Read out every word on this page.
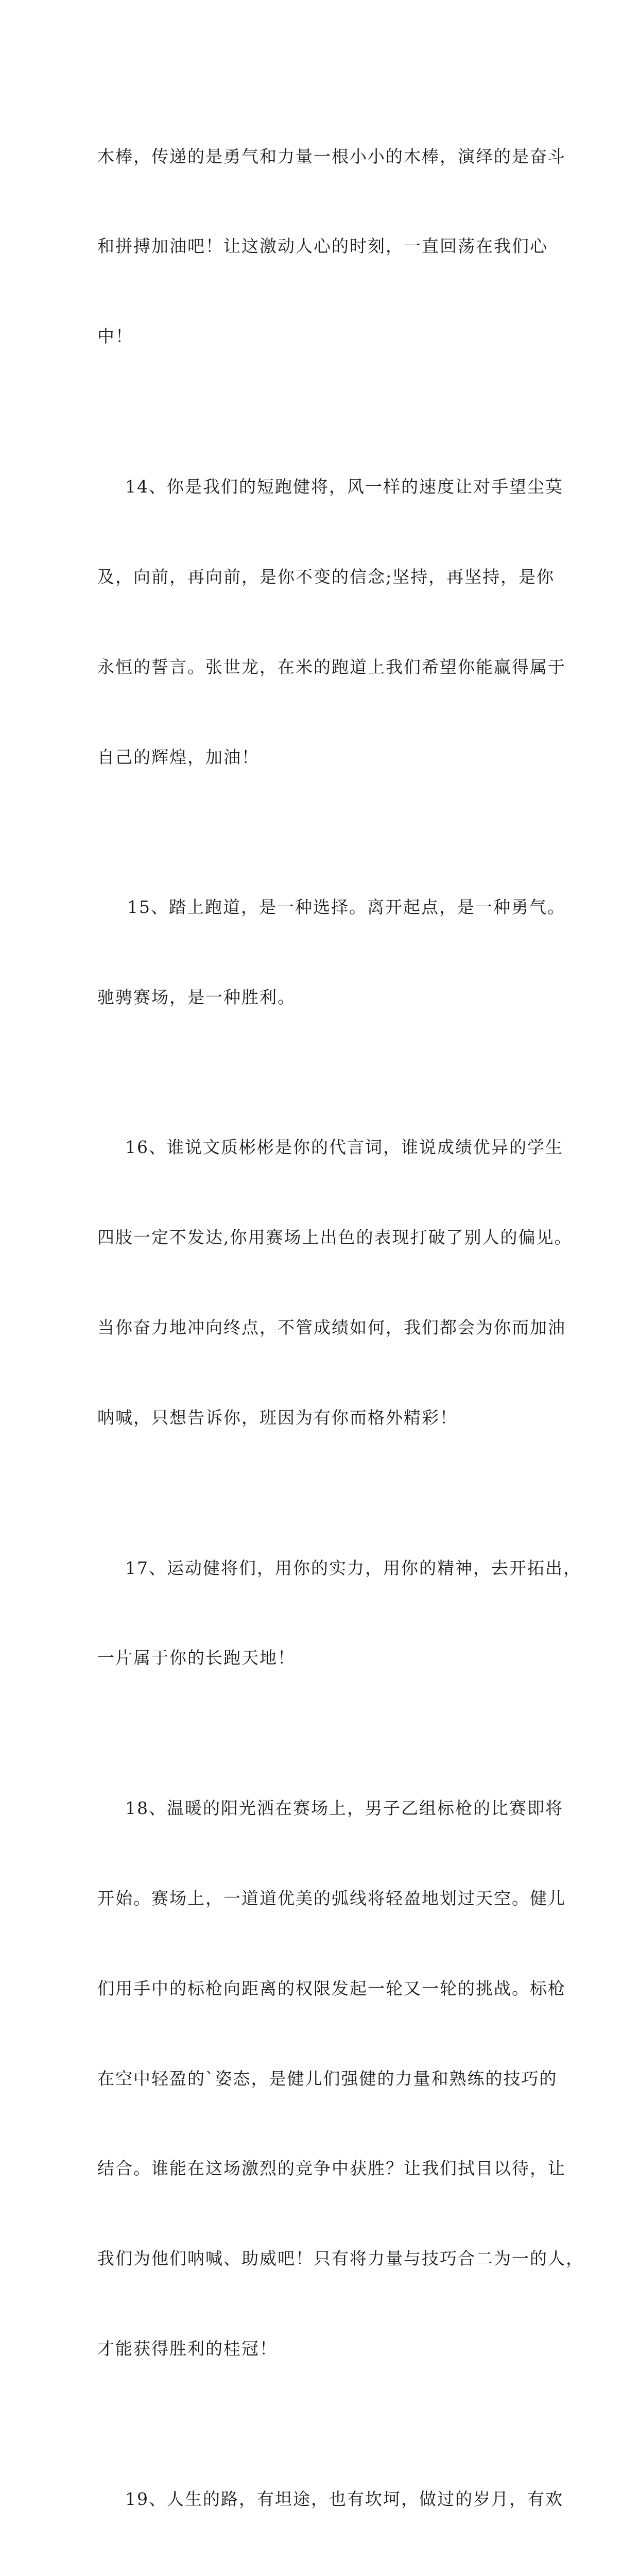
木棒，传递的是勇气和力量一根小小的木棒，演绎的是奋斗

和拼搏加油吧！让这激动人心的时刻，一直回荡在我们心

中！

14、你是我们的短跑健将，风一样的速度让对手望尘莫

及，向前，再向前，是你不变的信念;坚持，再坚持，是你

永恒的誓言。张世龙，在米的跑道上我们希望你能赢得属于

自己的辉煌，加油！

15、踏上跑道，是一种选择。离开起点，是一种勇气。

驰骋赛场，是一种胜利。

16、谁说文质彬彬是你的代言词，谁说成绩优异的学生

四肢一定不发达,你用赛场上出色的表现打破了别人的偏见。

当你奋力地冲向终点，不管成绩如何，我们都会为你而加油

呐喊，只想告诉你，班因为有你而格外精彩！

17、运动健将们，用你的实力，用你的精神，去开拓出，

一片属于你的长跑天地！

18、温暖的阳光洒在赛场上，男子乙组标枪的比赛即将

开始。赛场上，一道道优美的弧线将轻盈地划过天空。健儿

们用手中的标枪向距离的权限发起一轮又一轮的挑战。标枪

在空中轻盈的`姿态，是健儿们强健的力量和熟练的技巧的

结合。谁能在这场激烈的竞争中获胜？让我们拭目以待，让

我们为他们呐喊、助威吧！只有将力量与技巧合二为一的人，

才能获得胜利的桂冠！

19、人生的路，有坦途，也有坎坷，做过的岁月，有欢
